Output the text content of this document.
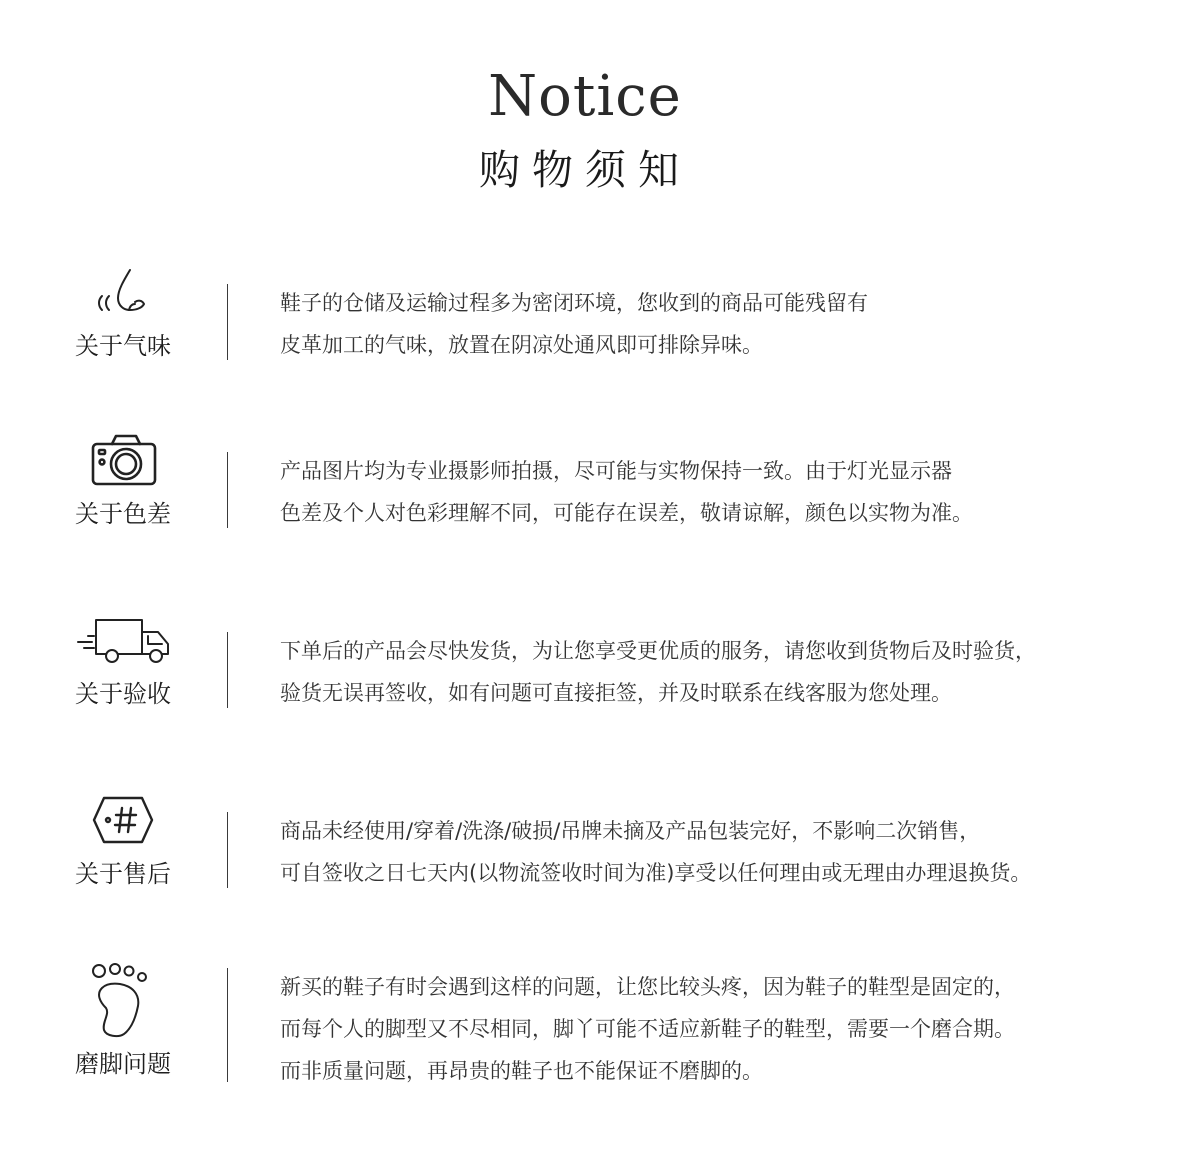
Notice
购物须知
关于气味
鞋子的仓储及运输过程多为密闭环境，您收到的商品可能残留有
皮革加工的气味，放置在阴凉处通风即可排除异味。
关于色差
产品图片均为专业摄影师拍摄，尽可能与实物保持一致。由于灯光显示器
色差及个人对色彩理解不同，可能存在误差，敬请谅解，颜色以实物为准。
关于验收
下单后的产品会尽快发货，为让您享受更优质的服务，请您收到货物后及时验货，
验货无误再签收，如有问题可直接拒签，并及时联系在线客服为您处理。
关于售后
商品未经使用/穿着/洗涤/破损/吊牌未摘及产品包装完好，不影响二次销售，
可自签收之日七天内(以物流签收时间为准)享受以任何理由或无理由办理退换货。
磨脚问题
新买的鞋子有时会遇到这样的问题，让您比较头疼，因为鞋子的鞋型是固定的，
而每个人的脚型又不尽相同，脚丫可能不适应新鞋子的鞋型，需要一个磨合期。
而非质量问题，再昂贵的鞋子也不能保证不磨脚的。
